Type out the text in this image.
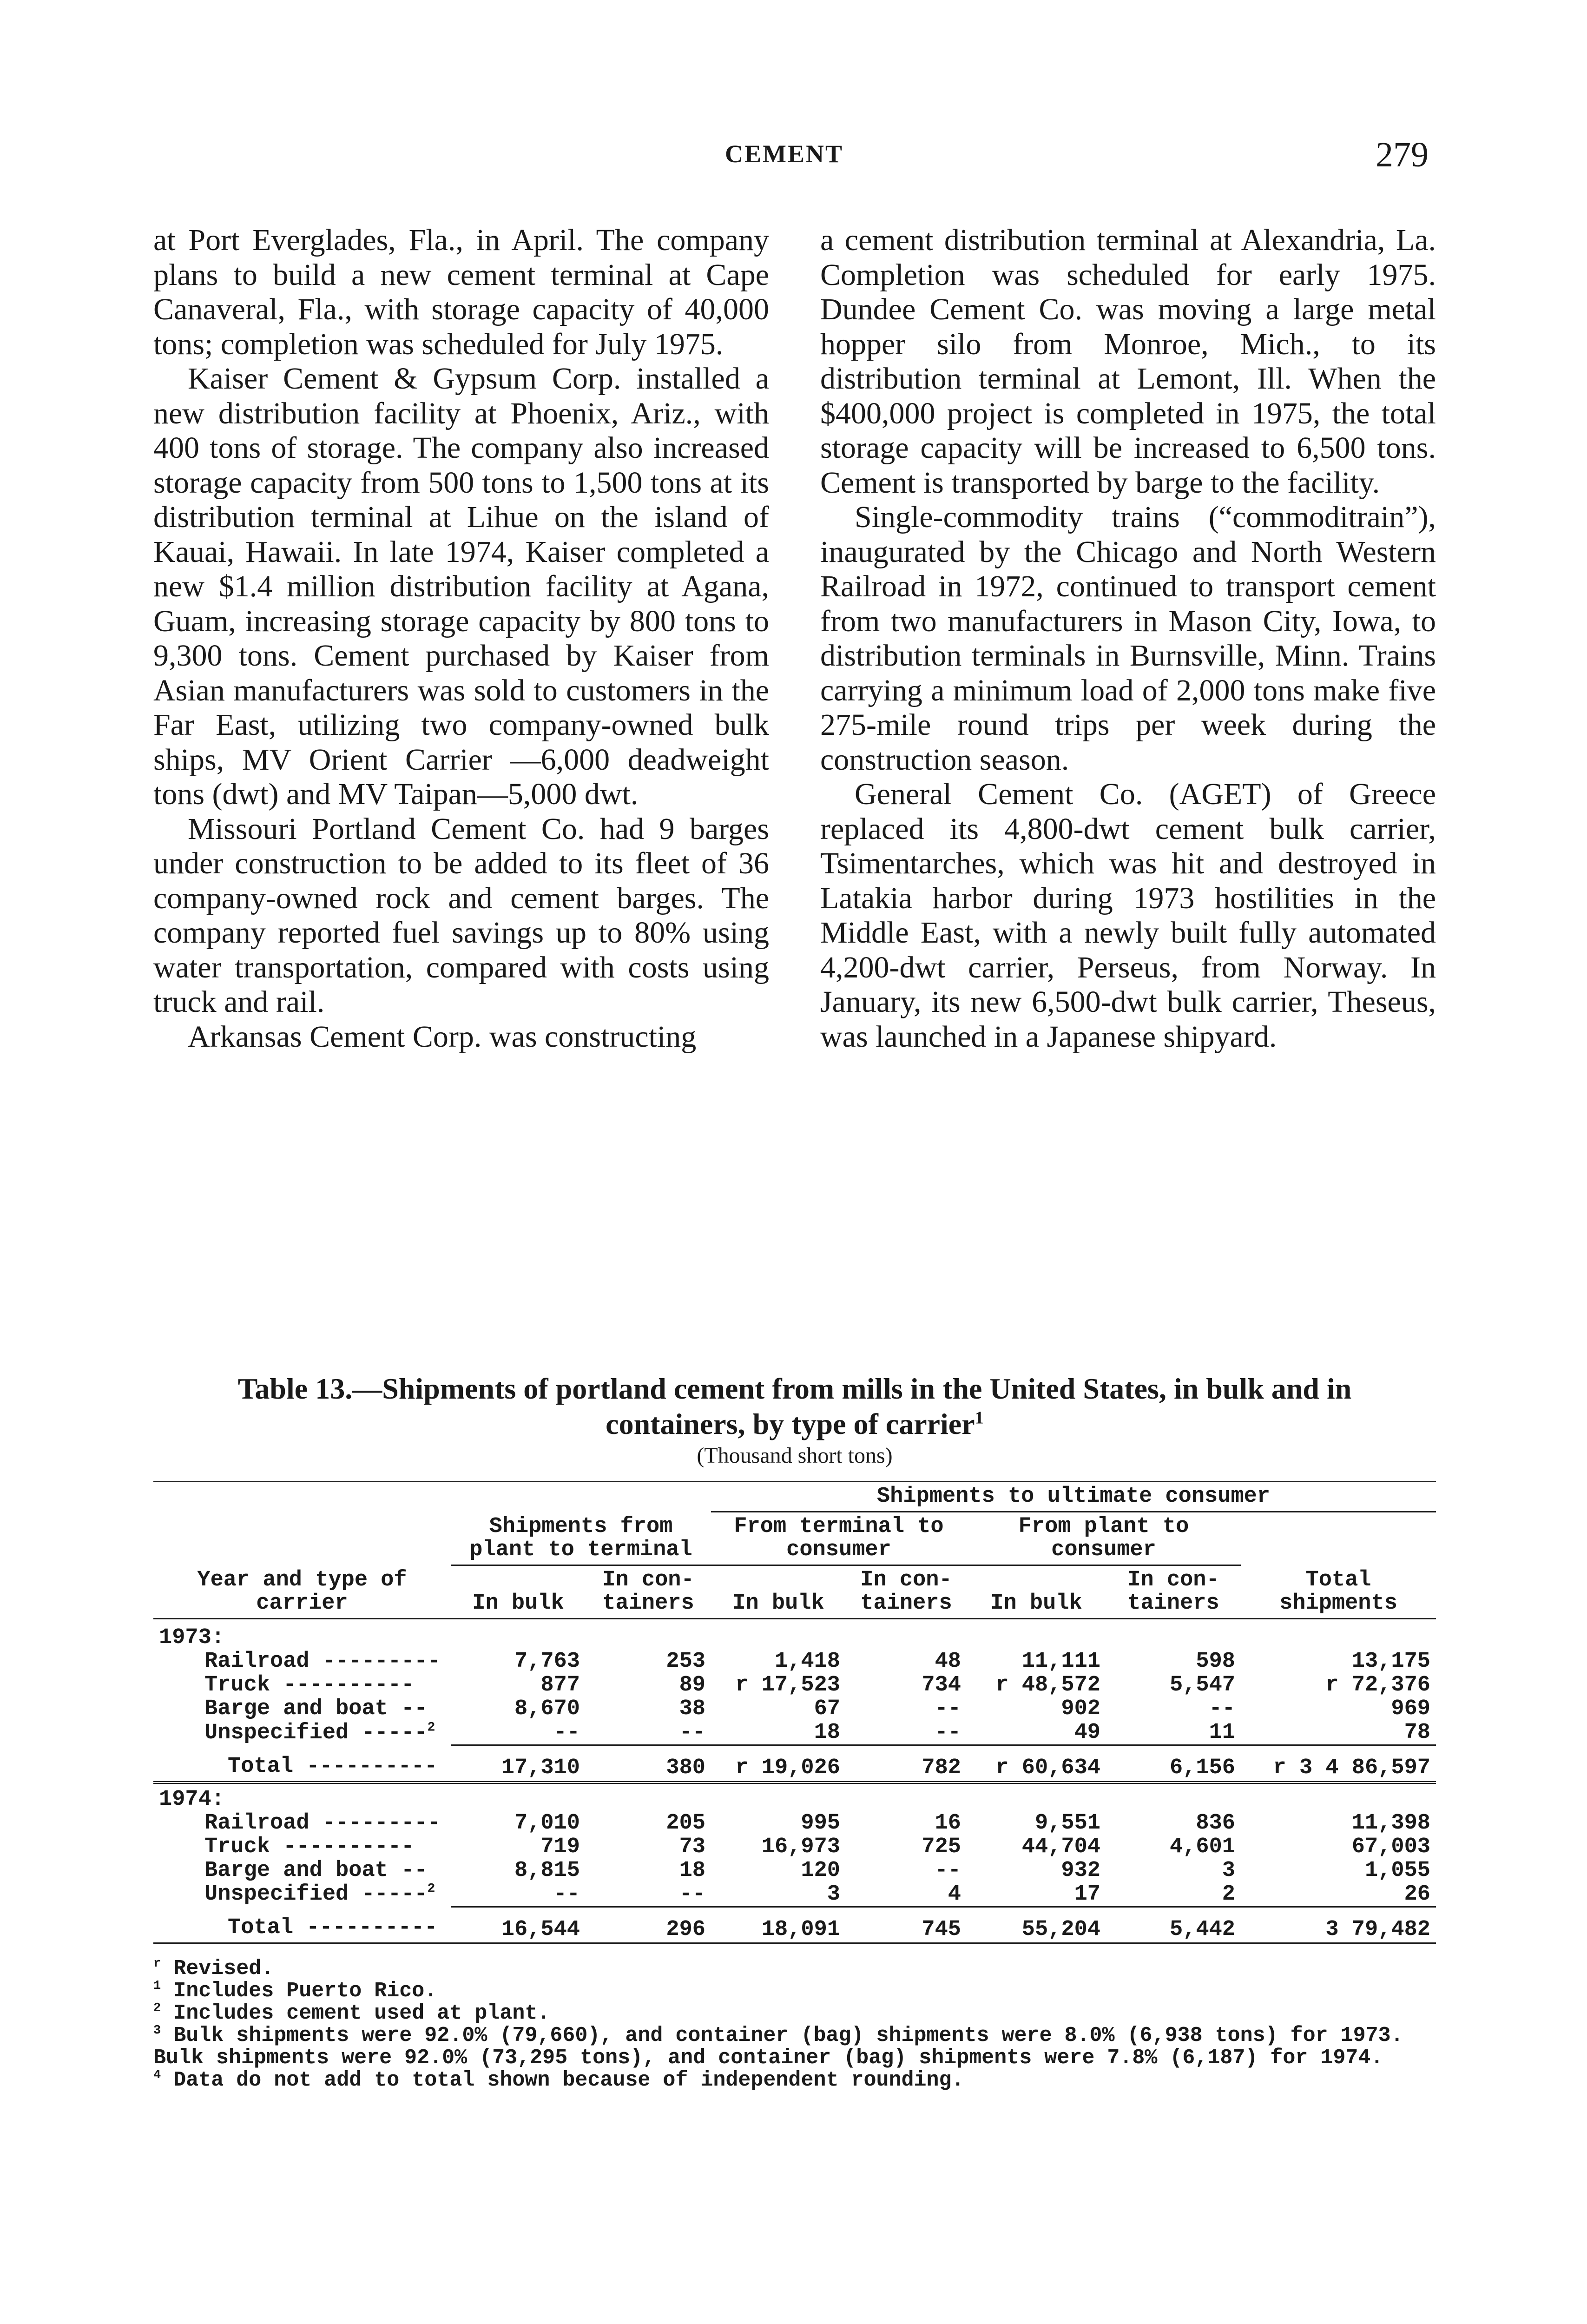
CEMENT	279

at Port Everglades, Fla., in April. The company plans to build a new cement terminal at Cape Canaveral, Fla., with storage capacity of 40,000 tons; completion was scheduled for July 1975.

Kaiser Cement & Gypsum Corp. installed a new distribution facility at Phoenix, Ariz., with 400 tons of storage. The company also increased storage capacity from 500 tons to 1,500 tons at its distribution terminal at Lihue on the island of Kauai, Hawaii. In late 1974, Kaiser completed a new $1.4 million distribution facility at Agana, Guam, increasing storage capacity by 800 tons to 9,300 tons. Cement purchased by Kaiser from Asian manufacturers was sold to customers in the Far East, utilizing two company-owned bulk ships, MV Orient Carrier —6,000 deadweight tons (dwt) and MV Taipan—5,000 dwt.

Missouri Portland Cement Co. had 9 barges under construction to be added to its fleet of 36 company-owned rock and cement barges. The company reported fuel savings up to 80% using water transportation, compared with costs using truck and rail.

Arkansas Cement Corp. was constructing

a cement distribution terminal at Alexandria, La. Completion was scheduled for early 1975. Dundee Cement Co. was moving a large metal hopper silo from Monroe, Mich., to its distribution terminal at Lemont, Ill. When the $400,000 project is completed in 1975, the total storage capacity will be increased to 6,500 tons. Cement is transported by barge to the facility.

Single-commodity trains (“commoditrain”), inaugurated by the Chicago and North Western Railroad in 1972, continued to transport cement from two manufacturers in Mason City, Iowa, to distribution terminals in Burnsville, Minn. Trains carrying a minimum load of 2,000 tons make five 275-mile round trips per week during the construction season.

General Cement Co. (AGET) of Greece replaced its 4,800-dwt cement bulk carrier, Tsimentarches, which was hit and destroyed in Latakia harbor during 1973 hostilities in the Middle East, with a newly built fully automated 4,200-dwt carrier, Perseus, from Norway. In January, its new 6,500-dwt bulk carrier, Theseus, was launched in a Japanese shipyard.

Table 13.—Shipments of portland cement from mills in the United States, in bulk and in
containers, by type of carrier$^1$
(Thousand short tons)
Year and type of carrier	Shipments from plant to terminal		Shipments to ultimate consumer				
			From terminal to consumer		From plant to consumer		Total shipments
	In bulk	In con- tainers	In bulk	In con- tainers	In bulk	In con- tainers	
1973:							
Railroad ---------	7,763	253	1,418	48	11,111	598	13,175
Truck ----------	877	89	r 17,523	734	r 48,572	5,547	r 72,376
Barge and boat --	8,670	38	67	--	902	--	969
Unspecified -----$^2$	--	--	18	--	49	11	78
Total ----------	17,310	380	r 19,026	782	r 60,634	6,156	r 3 4 86,597
1974:							
Railroad ---------	7,010	205	995	16	9,551	836	11,398
Truck ----------	719	73	16,973	725	44,704	4,601	67,003
Barge and boat --	8,815	18	120	--	932	3	1,055
Unspecified -----$^2$	--	--	3	4	17	2	26
Total ----------	16,544	296	18,091	745	55,204	5,442	3 79,482
$^r$ Revised.
$^1$ Includes Puerto Rico.
$^2$ Includes cement used at plant.
$^3$ Bulk shipments were 92.0% (79,660), and container (bag) shipments were 8.0% (6,938 tons) for 1973. Bulk shipments were 92.0% (73,295 tons), and container (bag) shipments were 7.8% (6,187) for 1974.
$^4$ Data do not add to total shown because of independent rounding.
